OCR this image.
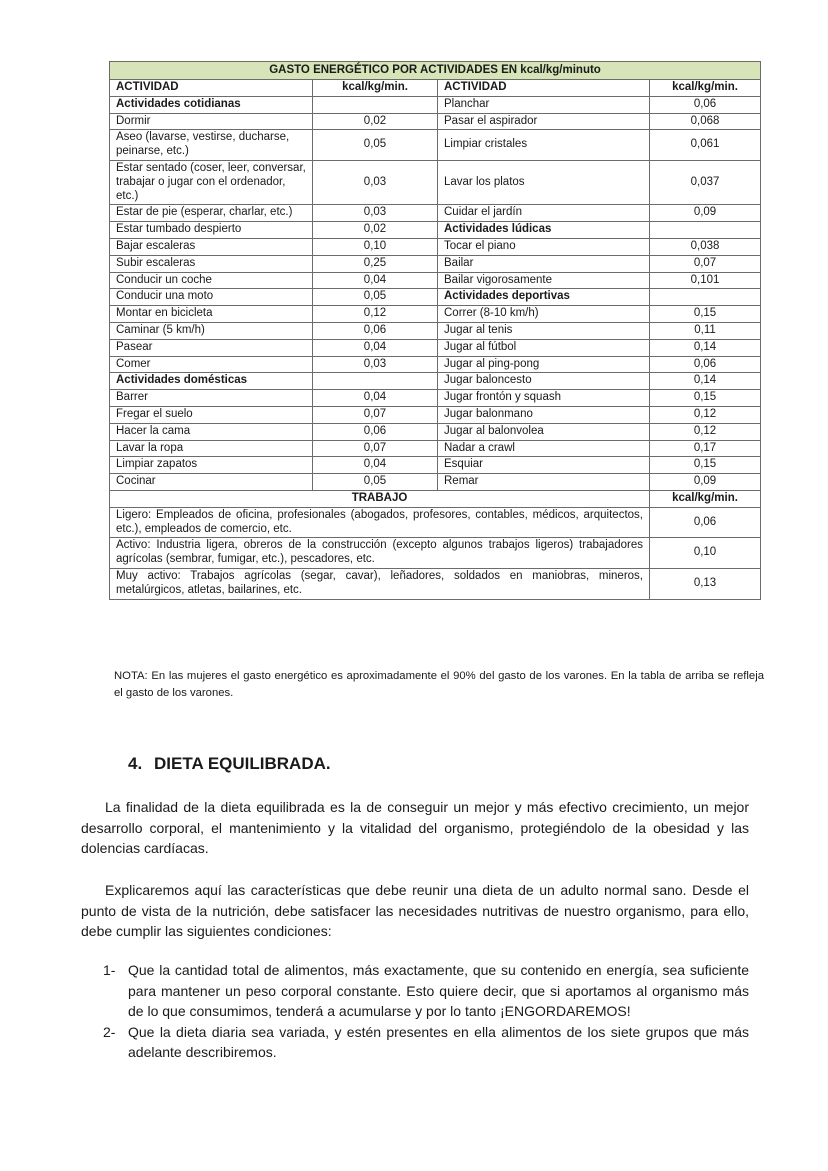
GASTO ENERGÉTICO POR ACTIVIDADES EN kcal/kg/minuto			
ACTIVIDAD	kcal/kg/min.	ACTIVIDAD	kcal/kg/min.
Actividades cotidianas		Planchar	0,06
Dormir	0,02	Pasar el aspirador	0,068
Aseo (lavarse, vestirse, ducharse, peinarse, etc.)	0,05	Limpiar cristales	0,061
Estar sentado (coser, leer, conversar, trabajar o jugar con el ordenador, etc.)	0,03	Lavar los platos	0,037
Estar de pie (esperar, charlar, etc.)	0,03	Cuidar el jardín	0,09
Estar tumbado despierto	0,02	Actividades lúdicas	
Bajar escaleras	0,10	Tocar el piano	0,038
Subir escaleras	0,25	Bailar	0,07
Conducir un coche	0,04	Bailar vigorosamente	0,101
Conducir una moto	0,05	Actividades deportivas	
Montar en bicicleta	0,12	Correr (8-10 km/h)	0,15
Caminar (5 km/h)	0,06	Jugar al tenis	0,11
Pasear	0,04	Jugar al fútbol	0,14
Comer	0,03	Jugar al ping-pong	0,06
Actividades domésticas		Jugar baloncesto	0,14
Barrer	0,04	Jugar frontón y squash	0,15
Fregar el suelo	0,07	Jugar balonmano	0,12
Hacer la cama	0,06	Jugar al balonvolea	0,12
Lavar la ropa	0,07	Nadar a crawl	0,17
Limpiar zapatos	0,04	Esquiar	0,15
Cocinar	0,05	Remar	0,09
TRABAJO			kcal/kg/min.
Ligero: Empleados de oficina, profesionales (abogados, profesores, contables, médicos, arquitectos, etc.), empleados de comercio, etc.			0,06
Activo: Industria ligera, obreros de la construcción (excepto algunos trabajos ligeros) trabajadores agrícolas (sembrar, fumigar, etc.), pescadores, etc.			0,10
Muy activo: Trabajos agrícolas (segar, cavar), leñadores, soldados en maniobras, mineros, metalúrgicos, atletas, bailarines, etc.			0,13
NOTA: En las mujeres el gasto energético es aproximadamente el 90% del gasto de los varones. En la tabla de arriba se refleja el gasto de los varones.
4. DIETA EQUILIBRADA.

La finalidad de la dieta equilibrada es la de conseguir un mejor y más efectivo crecimiento, un mejor desarrollo corporal, el mantenimiento y la vitalidad del organismo, protegiéndolo de la obesidad y las dolencias cardíacas.

Explicaremos aquí las características que debe reunir una dieta de un adulto normal sano. Desde el punto de vista de la nutrición, debe satisfacer las necesidades nutritivas de nuestro organismo, para ello, debe cumplir las siguientes condiciones:

1- Que la cantidad total de alimentos, más exactamente, que su contenido en energía, sea suficiente para mantener un peso corporal constante. Esto quiere decir, que si aportamos al organismo más de lo que consumimos, tenderá a acumularse y por lo tanto ¡ENGORDAREMOS!
2- Que la dieta diaria sea variada, y estén presentes en ella alimentos de los siete grupos que más adelante describiremos.
